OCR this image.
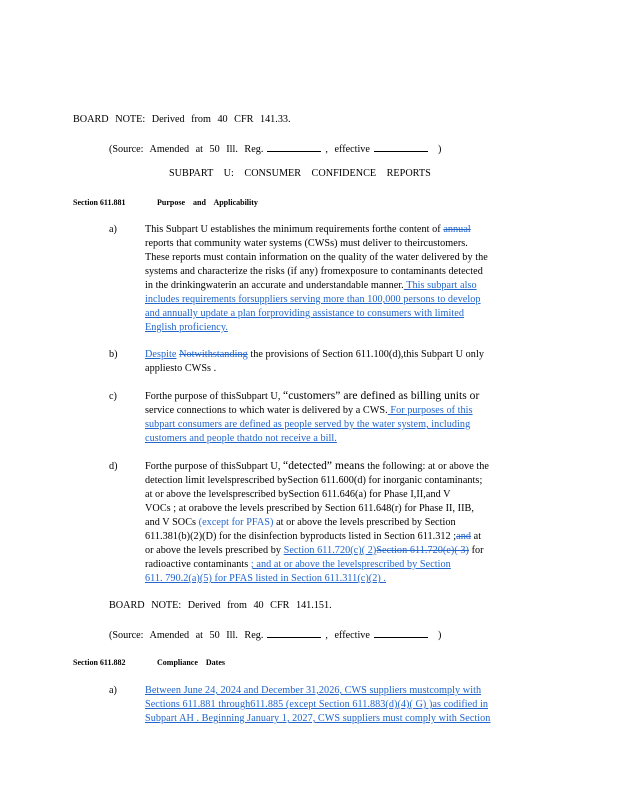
BOARD NOTE: Derived from 40 CFR 141.33.
(Source: Amended at 50 Ill. Reg.	, effective	)
SUBPART U: CONSUMER CONFIDENCE REPORTS
Section 611.881	Purpose and Applicability
a)	This Subpart U establishes the minimum requirements forthe content of annual
reports that community water systems (CWSs) must deliver to theircustomers.
These reports must contain information on the quality of the water delivered by the
systems and characterize the risks (if any) fromexposure to contaminants detected
in the drinkingwaterin an accurate and understandable manner. This subpart also
includes requirements forsuppliers serving more than 100,000 persons to develop
and annually update a plan forproviding assistance to consumers with limited
English proficiency.
b)	Despite Notwithstanding the provisions of Section 611.100(d),this Subpart U only
appliesto CWSs .
c)	Forthe purpose of thisSubpart U, “customers” are defined as billing units or
service connections to which water is delivered by a CWS. For purposes of this
subpart consumers are defined as people served by the water system, including
customers and people thatdo not receive a bill.
d)	Forthe purpose of thisSubpart U, “detected” means the following: at or above the
detection limit levelsprescribed bySection 611.600(d) for inorganic contaminants;
at or above the levelsprescribed bySection 611.646(a) for Phase I,II,and V
VOCs ; at orabove the levels prescribed by Section 611.648(r) for Phase II, IIB,
and V SOCs (except for PFAS) at or above the levels prescribed by Section
611.381(b)(2)(D) for the disinfection byproducts listed in Section 611.312 ;and at
or above the levels prescribed by Section 611.720(c)( 2)Section 611.720(e)( 3) for
radioactive contaminants ; and at or above the levelsprescribed by Section
611. 790.2(a)(5) for PFAS listed in Section 611.311(c)(2) .
BOARD NOTE: Derived from 40 CFR 141.151.
(Source: Amended at 50 Ill. Reg.	, effective	)
Section 611.882	Compliance Dates
a)	Between June 24, 2024 and December 31,2026, CWS suppliers mustcomply with
Sections 611.881 through611.885 (except Section 611.883(d)(4)( G) )as codified in
Subpart AH . Beginning January 1, 2027, CWS suppliers must comply with Section
